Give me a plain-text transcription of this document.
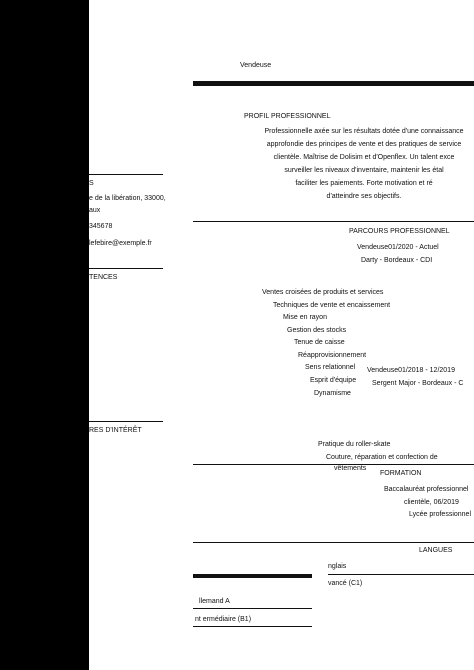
Vendeuse
PROFIL PROFESSIONNEL
Professionnelle axée sur les résultats dotée d'une connaissance
approfondie des principes de vente et des pratiques de service
clientèle. Maîtrise de Dolisim et d'Openflex. Un talent exce
surveiller les niveaux d'inventaire, maintenir les étal
faciliter les paiements. Forte motivation et ré
d'atteindre ses objectifs.
S
e de la libération, 33000,
aux
345678
lefebire@exemple.fr
TENCES
RES D'INTÉRÊT
PARCOURS PROFESSIONNEL
Vendeuse01/2020 - Actuel
Darty - Bordeaux - CDI
Ventes croisées de produits et services
Techniques de vente et encaissement
Mise en rayon
Gestion des stocks
Tenue de caisse
Réapprovisionnement
Sens relationnel
Esprit d'équipe
Dynamisme
Vendeuse01/2018 - 12/2019
Sergent Major - Bordeaux - C
Pratique du roller-skate
Couture, réparation et confection de
vêtements
FORMATION
Baccalauréat professionnel
clientèle, 06/2019
Lycée professionnel
LANGUES
nglais
vancé (C1)
llemand A
nt ermédiaire (B1)
